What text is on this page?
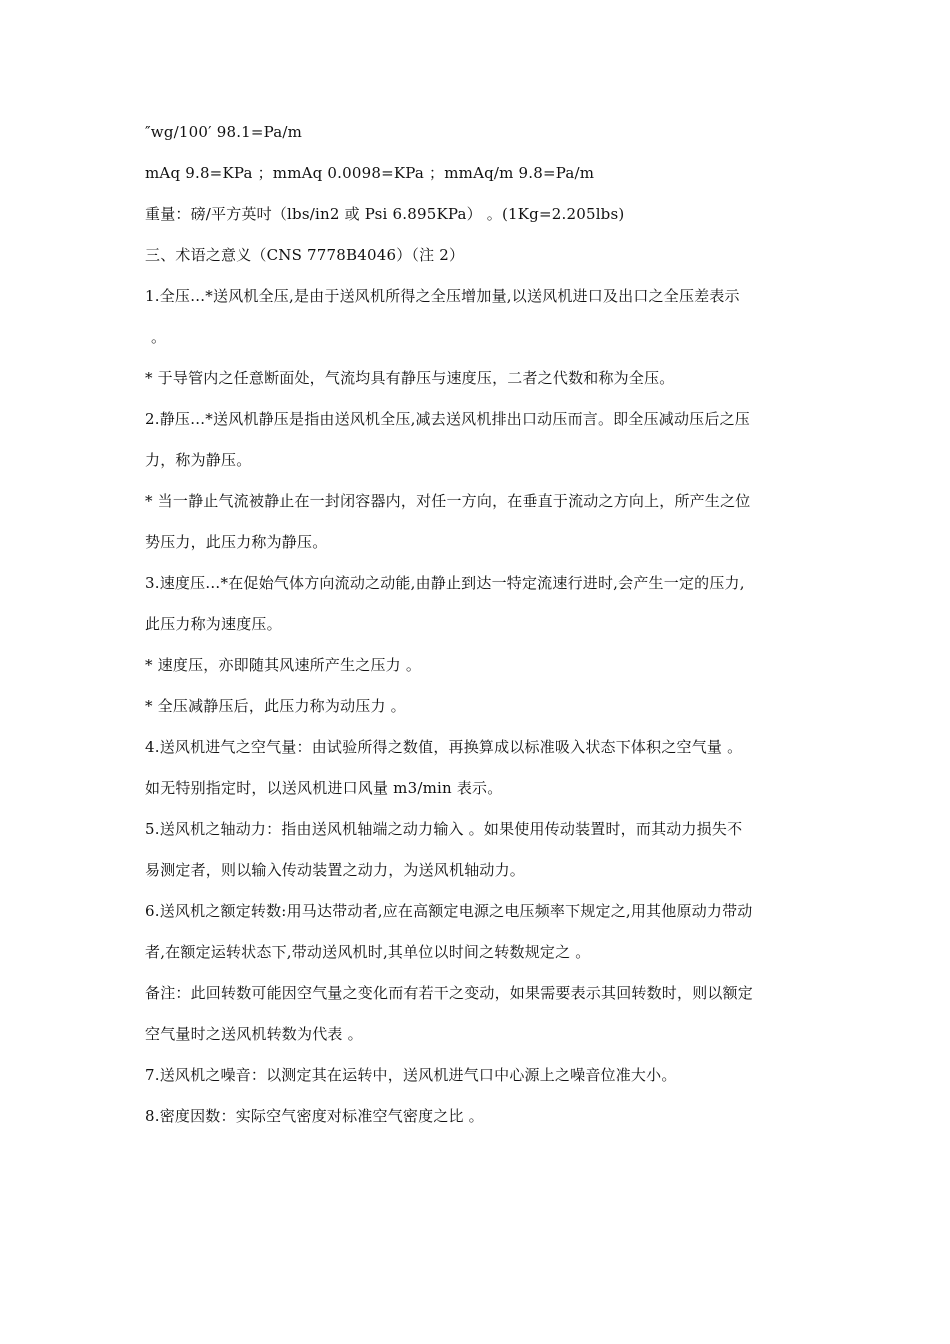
″wg/100′ 98.1=Pa/m
mAq 9.8=KPa ；mmAq 0.0098=KPa ；mmAq/m 9.8=Pa/m
重量：磅/平方英吋（lbs/in2 或 Psi 6.895KPa） 。(1Kg=2.205lbs)
三、术语之意义（CNS 7778B4046）（注 2）
1.全压…*送风机全压,是由于送风机所得之全压增加量,以送风机进口及出口之全压差表示
。
* 于导管内之任意断面处，气流均具有静压与速度压，二者之代数和称为全压。
2.静压…*送风机静压是指由送风机全压,减去送风机排出口动压而言。即全压减动压后之压
力，称为静压。
* 当一静止气流被静止在一封闭容器内，对任一方向，在垂直于流动之方向上，所产生之位
势压力，此压力称为静压。
3.速度压…*在促始气体方向流动之动能,由静止到达一特定流速行进时,会产生一定的压力,
此压力称为速度压。
* 速度压，亦即随其风速所产生之压力 。
* 全压减静压后，此压力称为动压力 。
4.送风机进气之空气量：由试验所得之数值，再换算成以标准吸入状态下体积之空气量 。
如无特别指定时，以送风机进口风量 m3/min 表示。
5.送风机之轴动力：指由送风机轴端之动力输入 。如果使用传动装置时，而其动力损失不
易测定者，则以输入传动装置之动力，为送风机轴动力。
6.送风机之额定转数:用马达带动者,应在高额定电源之电压频率下规定之,用其他原动力带动
者,在额定运转状态下,带动送风机时,其单位以时间之转数规定之 。
备注：此回转数可能因空气量之变化而有若干之变动，如果需要表示其回转数时，则以额定
空气量时之送风机转数为代表 。
7.送风机之噪音：以测定其在运转中，送风机进气口中心源上之噪音位准大小。
8.密度因数：实际空气密度对标准空气密度之比 。
